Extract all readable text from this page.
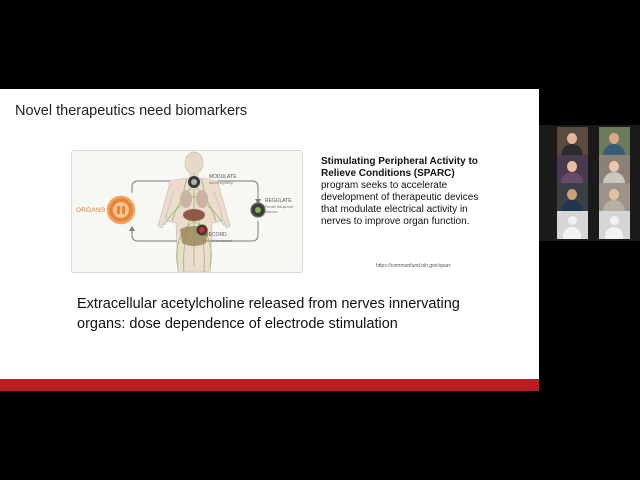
Novel therapeutics need biomarkers
ORGANS
MODULATE
Neural signaling
REGULATE
Precise therapeutic stimulus
RECORD
Health biomarkers
Stimulating Peripheral Activity to Relieve Conditions (SPARC) program seeks to accelerate development of therapeutic devices that modulate electrical activity in nerves to improve organ function.
https://commonfund.nih.gov/sparc
Extracellular acetylcholine released from nerves innervating organs: dose dependence of electrode stimulation
